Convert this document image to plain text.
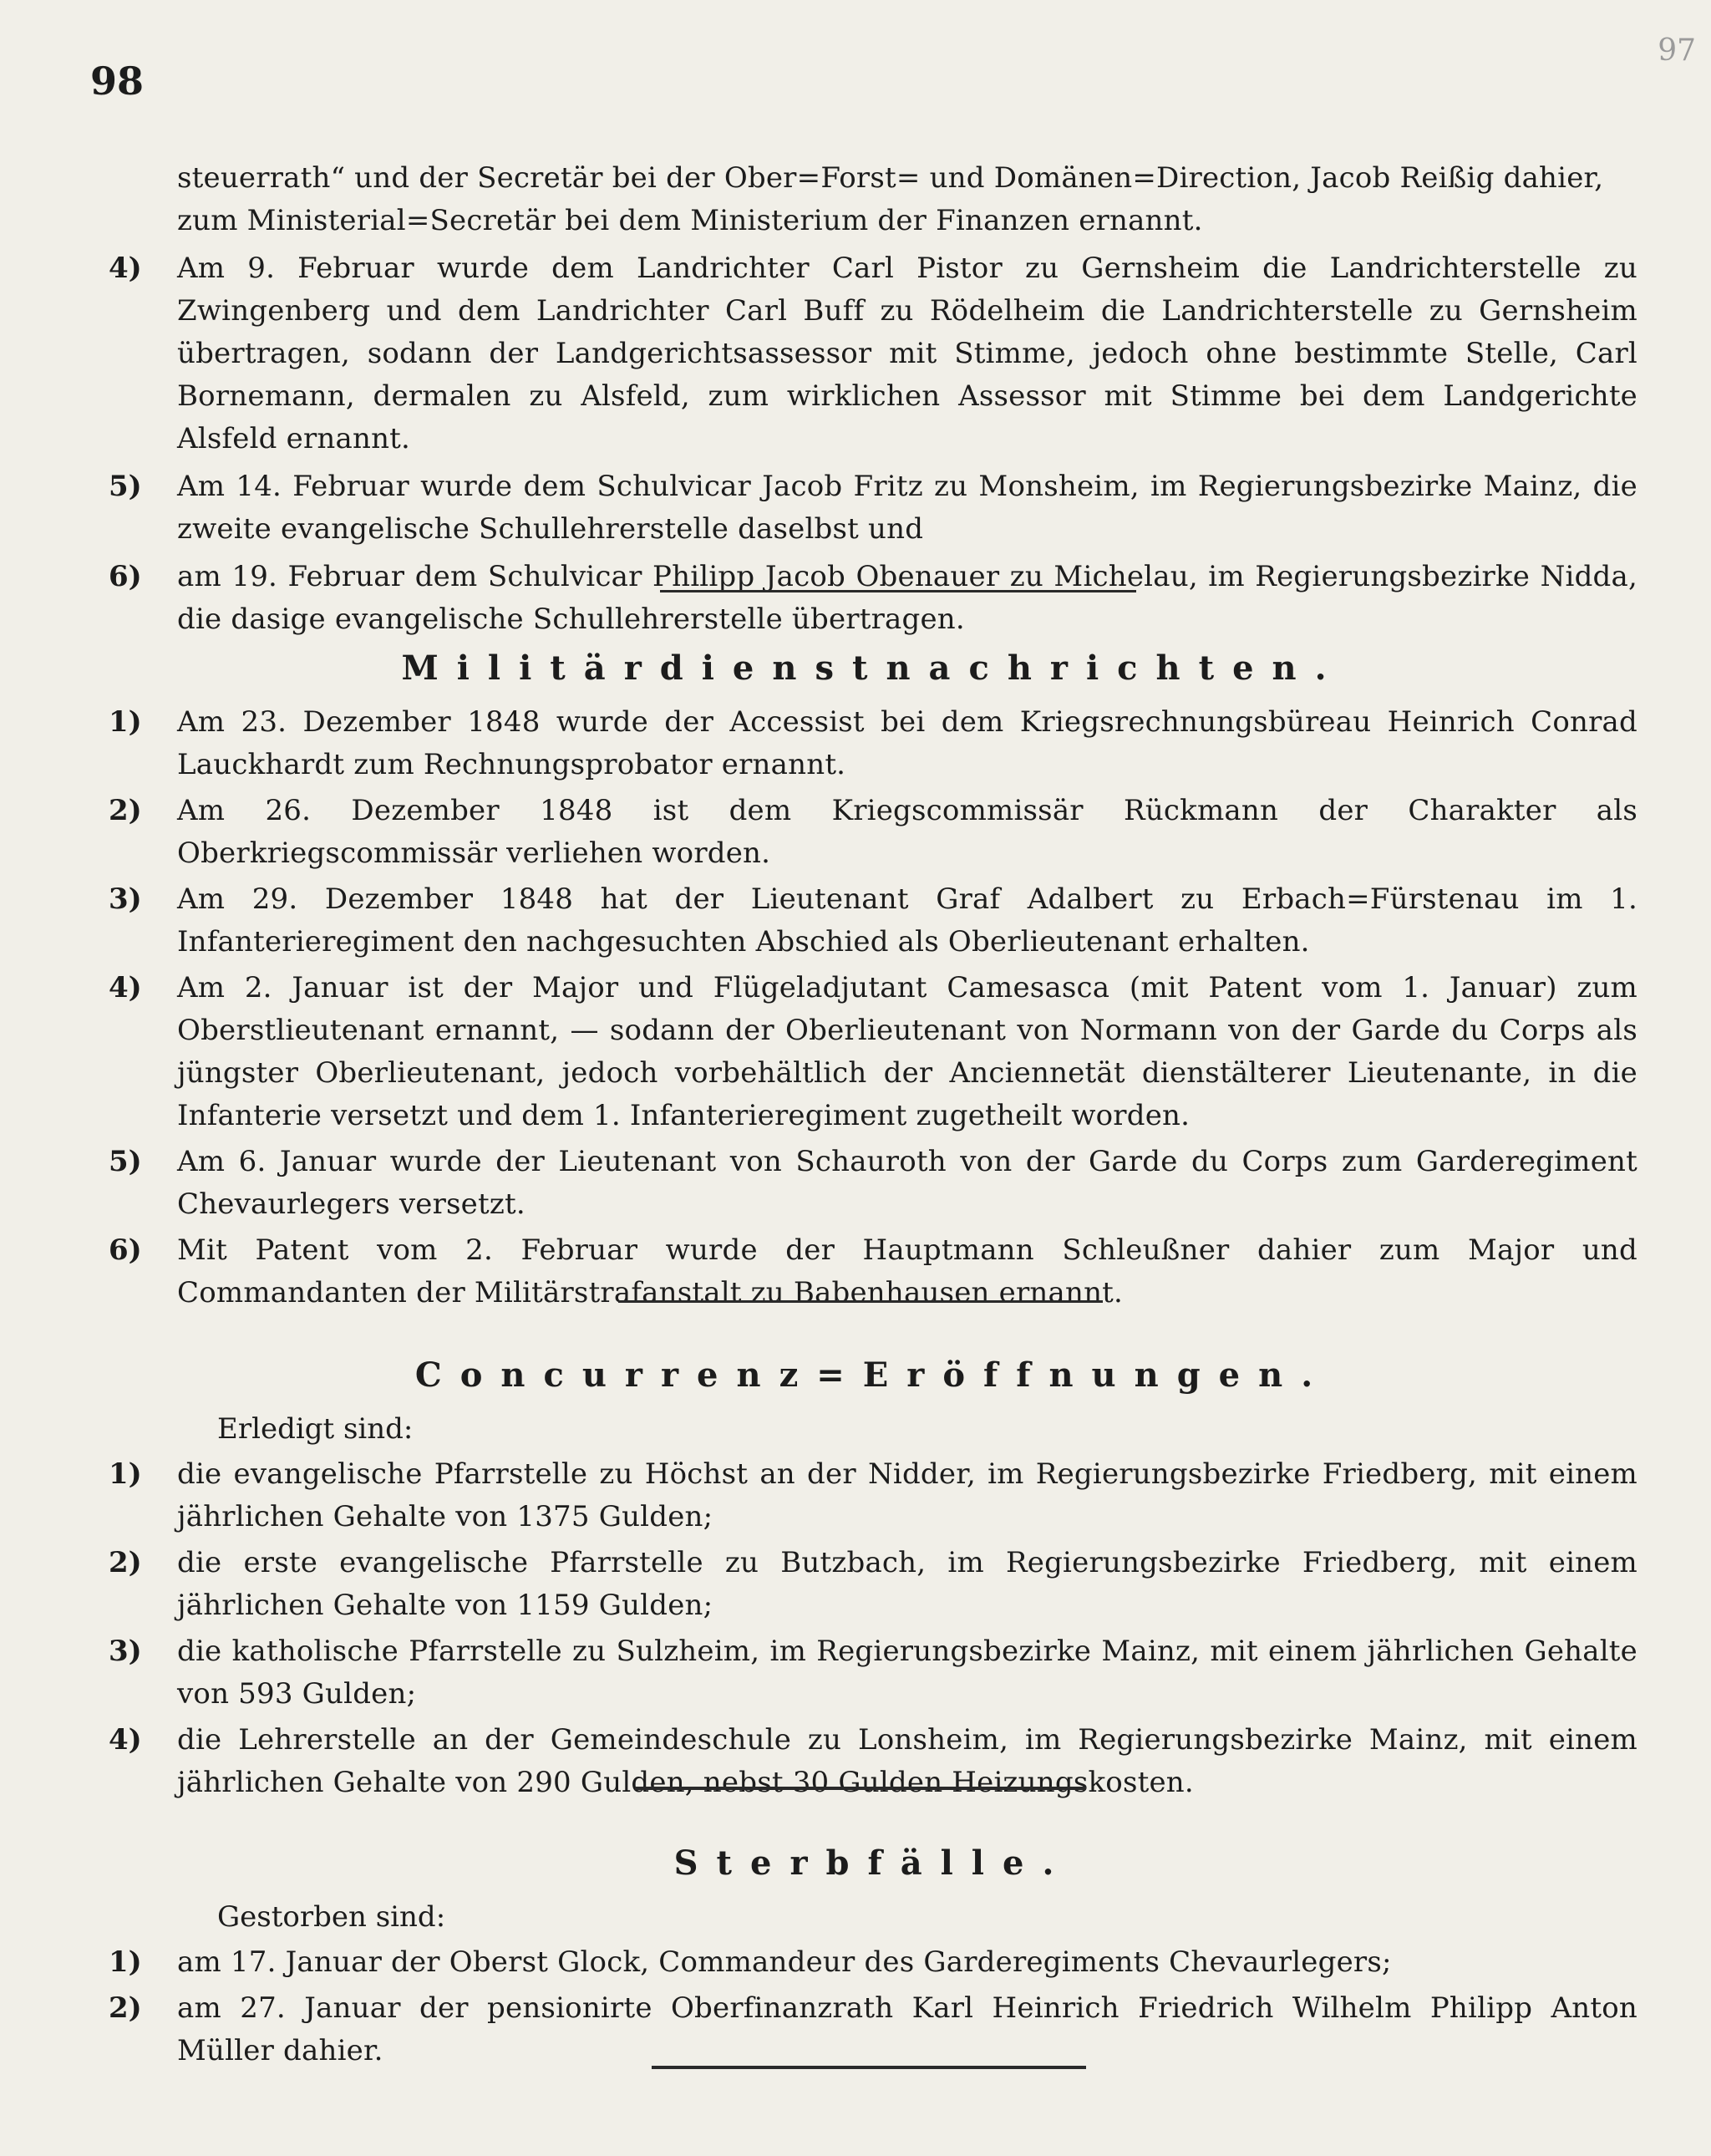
98
97
steuerrath“ und der Secretär bei der Ober=Forst= und Domänen=Direction, Jacob Reißig dahier,
zum Ministerial=Secretär bei dem Ministerium der Finanzen ernannt.
4) Am 9. Februar wurde dem Landrichter Carl Pistor zu Gernsheim die Landrichterstelle zu Zwingenberg und dem Landrichter Carl Buff zu Rödelheim die Landrichterstelle zu Gernsheim übertragen, sodann der Landgerichtsassessor mit Stimme, jedoch ohne bestimmte Stelle, Carl Bornemann, dermalen zu Alsfeld, zum wirklichen Assessor mit Stimme bei dem Landgerichte Alsfeld ernannt.
5) Am 14. Februar wurde dem Schulvicar Jacob Fritz zu Monsheim, im Regierungsbezirke Mainz, die zweite evangelische Schullehrerstelle daselbst und
6) am 19. Februar dem Schulvicar Philipp Jacob Obenauer zu Michelau, im Regierungsbezirke Nidda, die dasige evangelische Schullehrerstelle übertragen.
Militärdienstnachrichten.
1) Am 23. Dezember 1848 wurde der Accessist bei dem Kriegsrechnungsbüreau Heinrich Conrad Lauckhardt zum Rechnungsprobator ernannt.
2) Am 26. Dezember 1848 ist dem Kriegscommissär Rückmann der Charakter als Oberkriegscommissär verliehen worden.
3) Am 29. Dezember 1848 hat der Lieutenant Graf Adalbert zu Erbach=Fürstenau im 1. Infanterieregiment den nachgesuchten Abschied als Oberlieutenant erhalten.
4) Am 2. Januar ist der Major und Flügeladjutant Camesasca (mit Patent vom 1. Januar) zum Oberstlieutenant ernannt, — sodann der Oberlieutenant von Normann von der Garde du Corps als jüngster Oberlieutenant, jedoch vorbehältlich der Anciennetät dienstälterer Lieutenante, in die Infanterie versetzt und dem 1. Infanterieregiment zugetheilt worden.
5) Am 6. Januar wurde der Lieutenant von Schauroth von der Garde du Corps zum Garderegiment Chevaurlegers versetzt.
6) Mit Patent vom 2. Februar wurde der Hauptmann Schleußner dahier zum Major und Commandanten der Militärstrafanstalt zu Babenhausen ernannt.
Concurrenz=Eröffnungen.
Erledigt sind:
1) die evangelische Pfarrstelle zu Höchst an der Nidder, im Regierungsbezirke Friedberg, mit einem jährlichen Gehalte von 1375 Gulden;
2) die erste evangelische Pfarrstelle zu Butzbach, im Regierungsbezirke Friedberg, mit einem jährlichen Gehalte von 1159 Gulden;
3) die katholische Pfarrstelle zu Sulzheim, im Regierungsbezirke Mainz, mit einem jährlichen Gehalte von 593 Gulden;
4) die Lehrerstelle an der Gemeindeschule zu Lonsheim, im Regierungsbezirke Mainz, mit einem jährlichen Gehalte von 290 Gulden, nebst 30 Gulden Heizungskosten.
Sterbfälle.
Gestorben sind:
1) am 17. Januar der Oberst Glock, Commandeur des Garderegiments Chevaurlegers;
2) am 27. Januar der pensionirte Oberfinanzrath Karl Heinrich Friedrich Wilhelm Philipp Anton Müller dahier.
